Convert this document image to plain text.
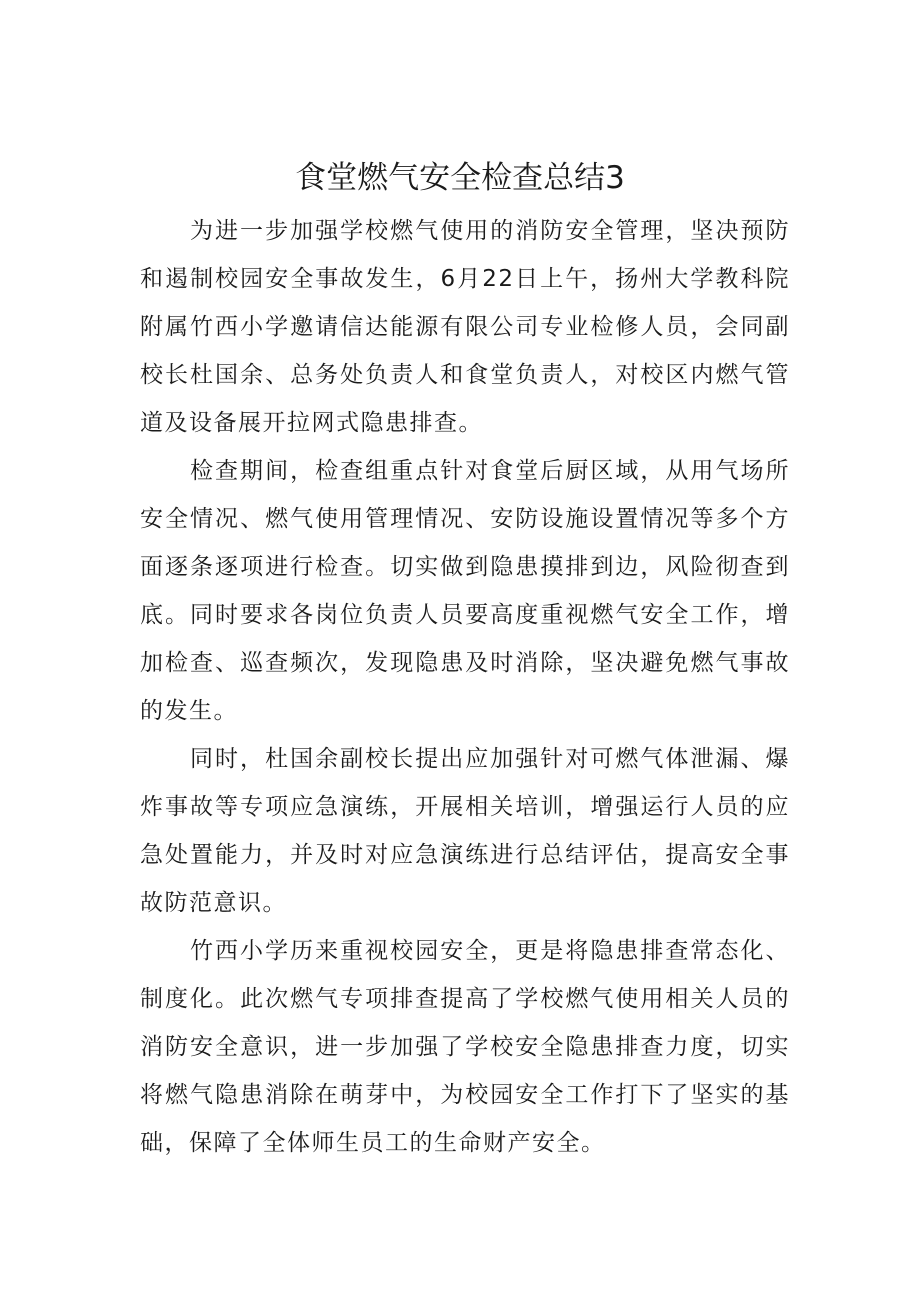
食堂燃气安全检查总结3

为进一步加强学校燃气使用的消防安全管理，坚决预防和遏制校园安全事故发生，6月22日上午，扬州大学教科院附属竹西小学邀请信达能源有限公司专业检修人员，会同副校长杜国余、总务处负责人和食堂负责人，对校区内燃气管道及设备展开拉网式隐患排查。

检查期间，检查组重点针对食堂后厨区域，从用气场所安全情况、燃气使用管理情况、安防设施设置情况等多个方面逐条逐项进行检查。切实做到隐患摸排到边，风险彻查到底。同时要求各岗位负责人员要高度重视燃气安全工作，增加检查、巡查频次，发现隐患及时消除，坚决避免燃气事故的发生。

同时，杜国余副校长提出应加强针对可燃气体泄漏、爆炸事故等专项应急演练，开展相关培训，增强运行人员的应急处置能力，并及时对应急演练进行总结评估，提高安全事故防范意识。

竹西小学历来重视校园安全，更是将隐患排查常态化、制度化。此次燃气专项排查提高了学校燃气使用相关人员的消防安全意识，进一步加强了学校安全隐患排查力度，切实将燃气隐患消除在萌芽中，为校园安全工作打下了坚实的基础，保障了全体师生员工的生命财产安全。
